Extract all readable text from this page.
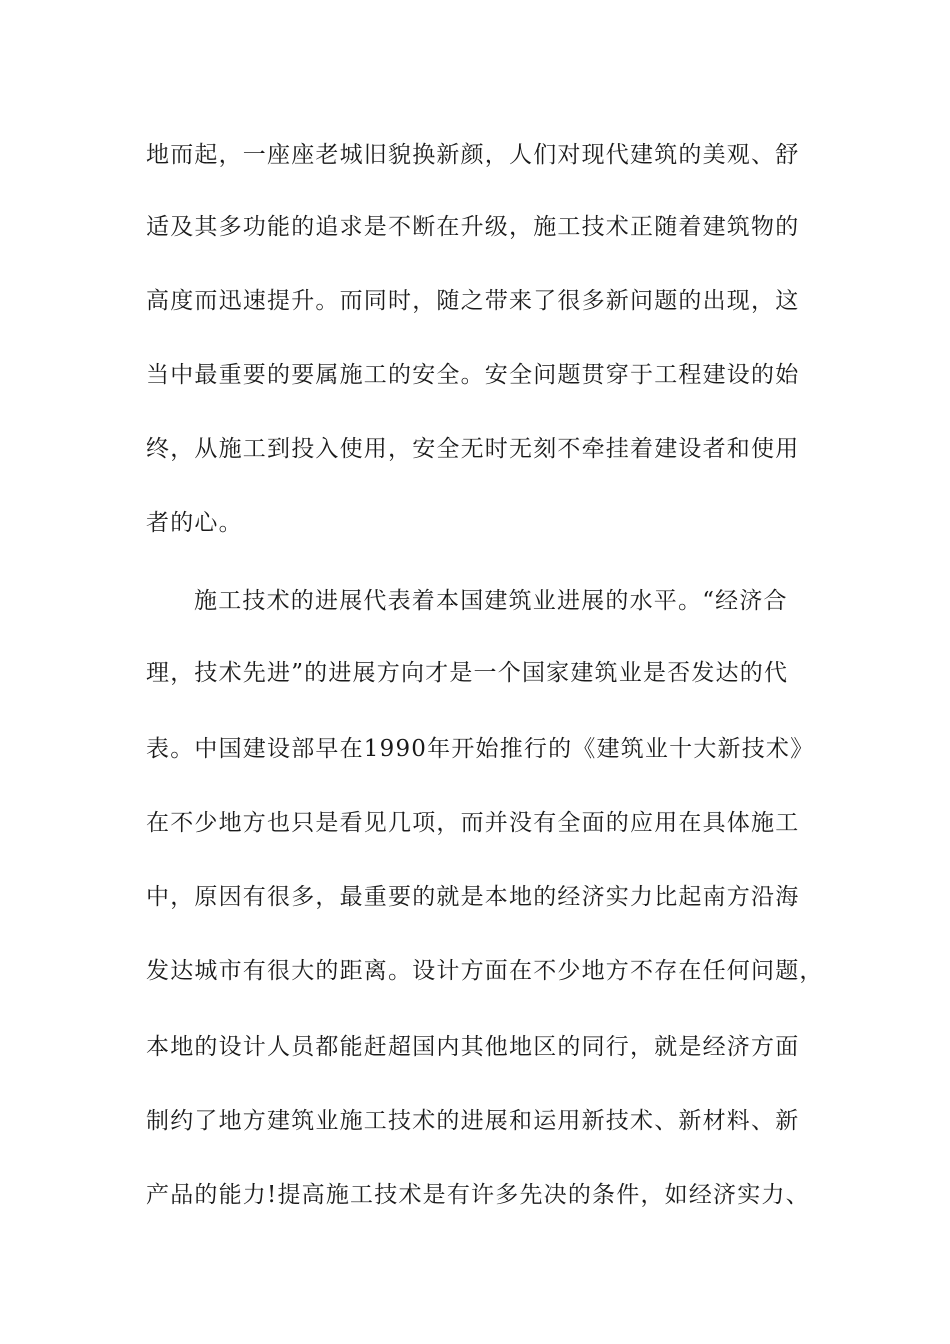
地而起，一座座老城旧貌换新颜，人们对现代建筑的美观、舒
适及其多功能的追求是不断在升级，施工技术正随着建筑物的
高度而迅速提升。而同时，随之带来了很多新问题的出现，这
当中最重要的要属施工的安全。安全问题贯穿于工程建设的始
终，从施工到投入使用，安全无时无刻不牵挂着建设者和使用
者的心。
施工技术的进展代表着本国建筑业进展的水平。“经济合
理，技术先进”的进展方向才是一个国家建筑业是否发达的代
表。中国建设部早在1990年开始推行的《建筑业十大新技术》
在不少地方也只是看见几项，而并没有全面的应用在具体施工
中，原因有很多，最重要的就是本地的经济实力比起南方沿海
发达城市有很大的距离。设计方面在不少地方不存在任何问题，
本地的设计人员都能赶超国内其他地区的同行，就是经济方面
制约了地方建筑业施工技术的进展和运用新技术、新材料、新
产品的能力!提高施工技术是有许多先决的条件，如经济实力、
